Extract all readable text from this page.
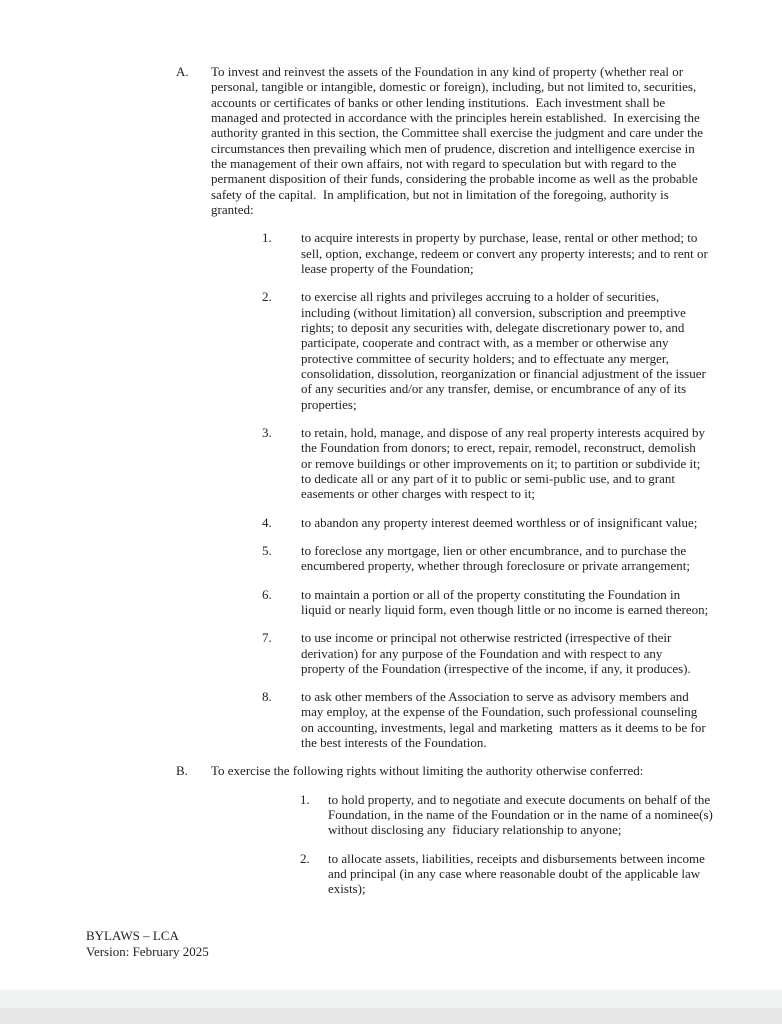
A.	To invest and reinvest the assets of the Foundation in any kind of property (whether real or personal, tangible or intangible, domestic or foreign), including, but not limited to, securities, accounts or certificates of banks or other lending institutions.  Each investment shall be managed and protected in accordance with the principles herein established.  In exercising the authority granted in this section, the Committee shall exercise the judgment and care under the circumstances then prevailing which men of prudence, discretion and intelligence exercise in the management of their own affairs, not with regard to speculation but with regard to the permanent disposition of their funds, considering the probable income as well as the probable safety of the capital.  In amplification, but not in limitation of the foregoing, authority is granted:

1.	to acquire interests in property by purchase, lease, rental or other method; to sell, option, exchange, redeem or convert any property interests; and to rent or lease property of the Foundation;

2.	to exercise all rights and privileges accruing to a holder of securities, including (without limitation) all conversion, subscription and preemptive rights; to deposit any securities with, delegate discretionary power to, and participate, cooperate and contract with, as a member or otherwise any protective committee of security holders; and to effectuate any merger, consolidation, dissolution, reorganization or financial adjustment of the issuer of any securities and/or any transfer, demise, or encumbrance of any of its properties;

3.	to retain, hold, manage, and dispose of any real property interests acquired by the Foundation from donors; to erect, repair, remodel, reconstruct, demolish or remove buildings or other improvements on it; to partition or subdivide it; to dedicate all or any part of it to public or semi-public use, and to grant easements or other charges with respect to it;

4.	to abandon any property interest deemed worthless or of insignificant value;

5.	to foreclose any mortgage, lien or other encumbrance, and to purchase the encumbered property, whether through foreclosure or private arrangement;

6.	to maintain a portion or all of the property constituting the Foundation in liquid or nearly liquid form, even though little or no income is earned thereon;

7.	to use income or principal not otherwise restricted (irrespective of their derivation) for any purpose of the Foundation and with respect to any property of the Foundation (irrespective of the income, if any, it produces).

8.	to ask other members of the Association to serve as advisory members and may employ, at the expense of the Foundation, such professional counseling on accounting, investments, legal and marketing  matters as it deems to be for the best interests of the Foundation.

B.	To exercise the following rights without limiting the authority otherwise conferred:

1.	to hold property, and to negotiate and execute documents on behalf of the Foundation, in the name of the Foundation or in the name of a nominee(s) without disclosing any  fiduciary relationship to anyone;

2.	to allocate assets, liabilities, receipts and disbursements between income and principal (in any case where reasonable doubt of the applicable law exists);

BYLAWS – LCA

Version: February 2025
